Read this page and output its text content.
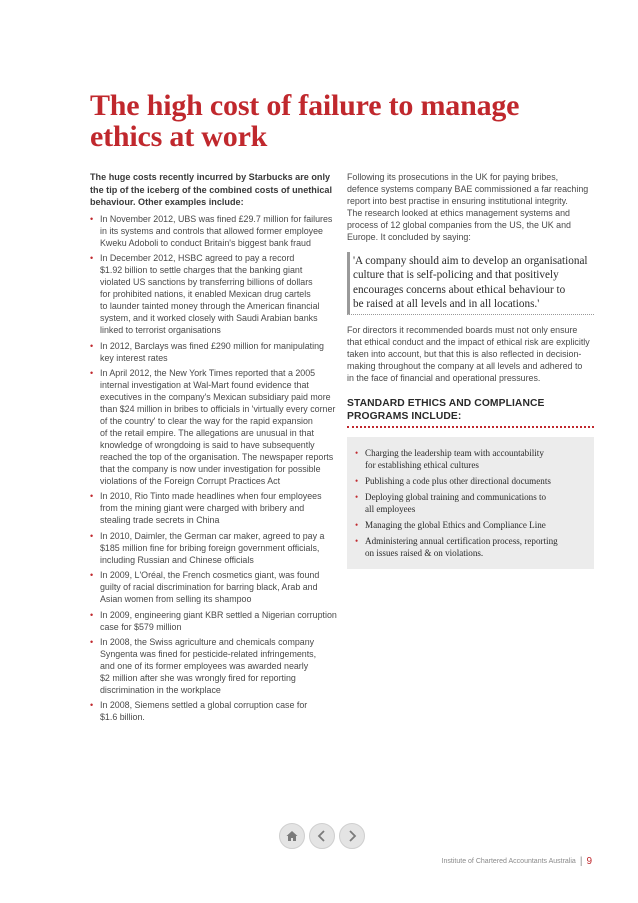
The high cost of failure to manage
ethics at work
The huge costs recently incurred by Starbucks are only
the tip of the iceberg of the combined costs of unethical
behaviour. Other examples include:
• In November 2012, UBS was fined £29.7 million for failures
in its systems and controls that allowed former employee
Kweku Adoboli to conduct Britain's biggest bank fraud
• In December 2012, HSBC agreed to pay a record
$1.92 billion to settle charges that the banking giant
violated US sanctions by transferring billions of dollars
for prohibited nations, it enabled Mexican drug cartels
to launder tainted money through the American financial
system, and it worked closely with Saudi Arabian banks
linked to terrorist organisations
• In 2012, Barclays was fined £290 million for manipulating
key interest rates
• In April 2012, the New York Times reported that a 2005
internal investigation at Wal-Mart found evidence that
executives in the company's Mexican subsidiary paid more
than $24 million in bribes to officials in 'virtually every corner
of the country' to clear the way for the rapid expansion
of the retail empire. The allegations are unusual in that
knowledge of wrongdoing is said to have subsequently
reached the top of the organisation. The newspaper reports
that the company is now under investigation for possible
violations of the Foreign Corrupt Practices Act
• In 2010, Rio Tinto made headlines when four employees
from the mining giant were charged with bribery and
stealing trade secrets in China
• In 2010, Daimler, the German car maker, agreed to pay a
$185 million fine for bribing foreign government officials,
including Russian and Chinese officials
• In 2009, L'Oréal, the French cosmetics giant, was found
guilty of racial discrimination for barring black, Arab and
Asian women from selling its shampoo
• In 2009, engineering giant KBR settled a Nigerian corruption
case for $579 million
• In 2008, the Swiss agriculture and chemicals company
Syngenta was fined for pesticide-related infringements,
and one of its former employees was awarded nearly
$2 million after she was wrongly fired for reporting
discrimination in the workplace
• In 2008, Siemens settled a global corruption case for
$1.6 billion.
Following its prosecutions in the UK for paying bribes,
defence systems company BAE commissioned a far reaching
report into best practise in ensuring institutional integrity.
The research looked at ethics management systems and
process of 12 global companies from the US, the UK and
Europe. It concluded by saying:
'A company should aim to develop an organisational
culture that is self-policing and that positively
encourages concerns about ethical behaviour to
be raised at all levels and in all locations.'
For directors it recommended boards must not only ensure
that ethical conduct and the impact of ethical risk are explicitly
taken into account, but that this is also reflected in decision-
making throughout the company at all levels and adhered to
in the face of financial and operational pressures.
STANDARD ETHICS AND COMPLIANCE
PROGRAMS INCLUDE:
• Charging the leadership team with accountability
for establishing ethical cultures
• Publishing a code plus other directional documents
• Deploying global training and communications to
all employees
• Managing the global Ethics and Compliance Line
• Administering annual certification process, reporting
on issues raised & on violations.
Institute of Chartered Accountants Australia | 9
